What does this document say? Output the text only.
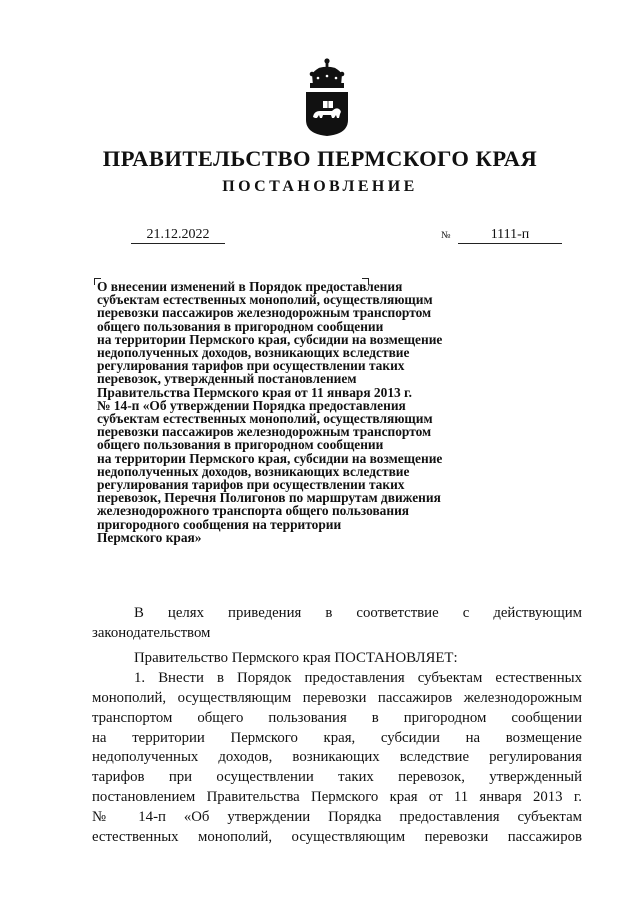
ПРАВИТЕЛЬСТВО ПЕРМСКОГО КРАЯ
ПОСТАНОВЛЕНИЕ
21.12.2022	№	1111-п
О внесении изменений в Порядок предоставления
субъектам естественных монополий, осуществляющим
перевозки пассажиров железнодорожным транспортом
общего пользования в пригородном сообщении
на территории Пермского края, субсидии на возмещение
недополученных доходов, возникающих вследствие
регулирования тарифов при осуществлении таких
перевозок, утвержденный постановлением
Правительства Пермского края от 11 января 2013 г.
№ 14-п «Об утверждении Порядка предоставления
субъектам естественных монополий, осуществляющим
перевозки пассажиров железнодорожным транспортом
общего пользования в пригородном сообщении
на территории Пермского края, субсидии на возмещение
недополученных доходов, возникающих вследствие
регулирования тарифов при осуществлении таких
перевозок, Перечня Полигонов по маршрутам движения
железнодорожного транспорта общего пользования
пригородного сообщения на территории
Пермского края»
В целях приведения в соответствие с действующим
законодательством
Правительство Пермского края ПОСТАНОВЛЯЕТ:
1. Внести в Порядок предоставления субъектам естественных
монополий, осуществляющим перевозки пассажиров железнодорожным
транспортом общего пользования в пригородном сообщении
на территории Пермского края, субсидии на возмещение
недополученных доходов, возникающих вследствие регулирования
тарифов при осуществлении таких перевозок, утвержденный
постановлением Правительства Пермского края от 11 января 2013 г.
№ 14-п «Об утверждении Порядка предоставления субъектам
естественных монополий, осуществляющим перевозки пассажиров
